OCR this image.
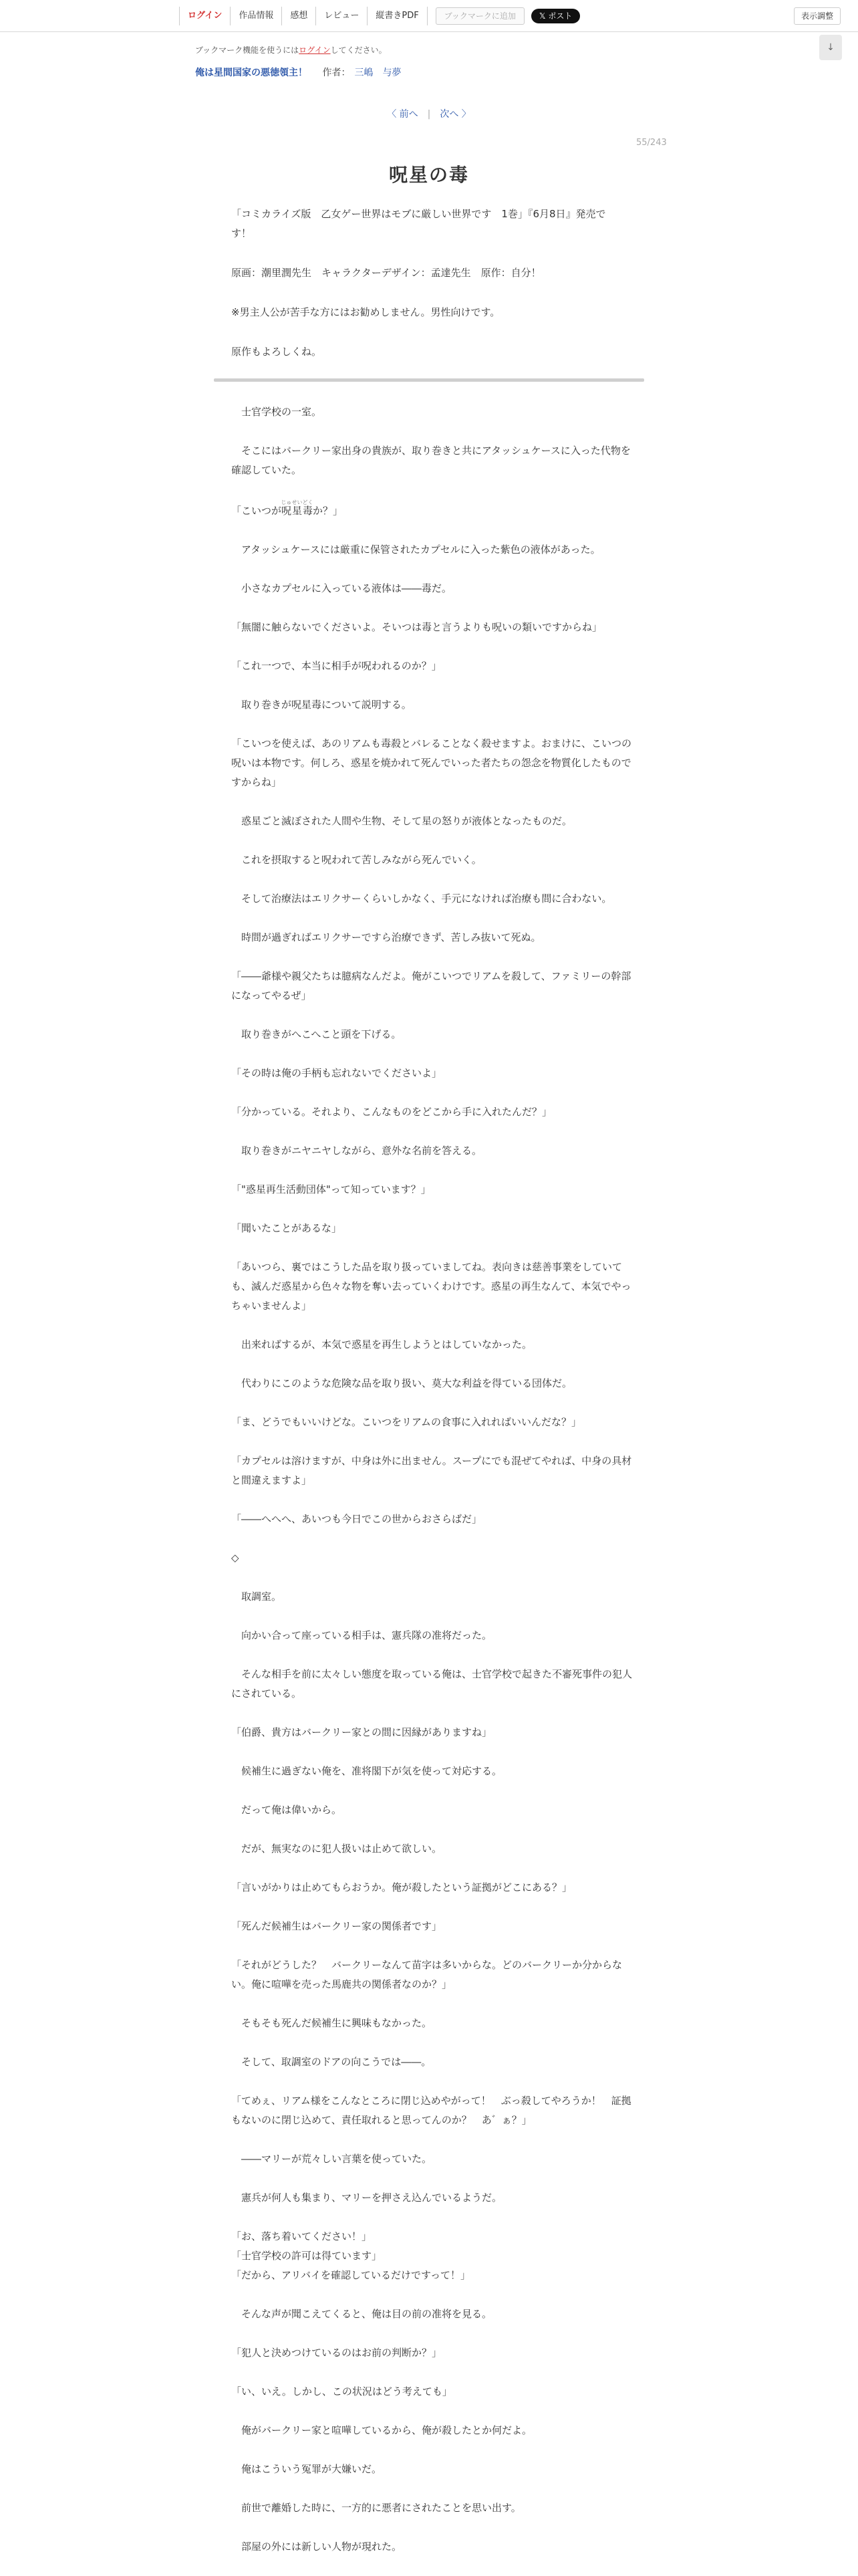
ログイン	作品情報	感想	レビュー	縦書きPDF	ブックマークに追加	𝕏 ポスト	表示調整
ブックマーク機能を使うにはログインしてください。	↓
俺は星間国家の悪徳領主！ 作者： 三嶋　与夢
〈 前へ | 次へ 〉
55/243
呪星の毒

「コミカライズ版　乙女ゲー世界はモブに厳しい世界です　1巻」『6月8日』発売です！

原画：潮里潤先生　キャラクターデザイン：孟達先生　原作：自分！

※男主人公が苦手な方にはお勧めしません。男性向けです。

原作もよろしくね。

　士官学校の一室。

　そこにはバークリー家出身の貴族が、取り巻きと共にアタッシュケースに入った代物を確認していた。

「こいつが呪星毒じゅせいどくか？」

　アタッシュケースには厳重に保管されたカプセルに入った紫色の液体があった。

　小さなカプセルに入っている液体は――毒だ。

「無闇に触らないでくださいよ。そいつは毒と言うよりも呪いの類いですからね」

「これ一つで、本当に相手が呪われるのか？」

　取り巻きが呪星毒について説明する。

「こいつを使えば、あのリアムも毒殺とバレることなく殺せますよ。おまけに、こいつの呪いは本物です。何しろ、惑星を焼かれて死んでいった者たちの怨念を物質化したものですからね」

　惑星ごと滅ぼされた人間や生物、そして星の怒りが液体となったものだ。

　これを摂取すると呪われて苦しみながら死んでいく。

　そして治療法はエリクサーくらいしかなく、手元になければ治療も間に合わない。

　時間が過ぎればエリクサーですら治療できず、苦しみ抜いて死ぬ。

「――爺様や親父たちは臆病なんだよ。俺がこいつでリアムを殺して、ファミリーの幹部になってやるぜ」

　取り巻きがへこへこと頭を下げる。

「その時は俺の手柄も忘れないでくださいよ」

「分かっている。それより、こんなものをどこから手に入れたんだ？」

　取り巻きがニヤニヤしながら、意外な名前を答える。

「"惑星再生活動団体"って知っています？」

「聞いたことがあるな」

「あいつら、裏ではこうした品を取り扱っていましてね。表向きは慈善事業をしていても、滅んだ惑星から色々な物を奪い去っていくわけです。惑星の再生なんて、本気でやっちゃいませんよ」

　出来ればするが、本気で惑星を再生しようとはしていなかった。

　代わりにこのような危険な品を取り扱い、莫大な利益を得ている団体だ。

「ま、どうでもいいけどな。こいつをリアムの食事に入れればいいんだな？」

「カプセルは溶けますが、中身は外に出ません。スープにでも混ぜてやれば、中身の具材と間違えますよ」

「――へへへ、あいつも今日でこの世からおさらばだ」

◇

　取調室。

　向かい合って座っている相手は、憲兵隊の准将だった。

　そんな相手を前に太々しい態度を取っている俺は、士官学校で起きた不審死事件の犯人にされている。

「伯爵、貴方はバークリー家との間に因縁がありますね」

　候補生に過ぎない俺を、准将閣下が気を使って対応する。

　だって俺は偉いから。

　だが、無実なのに犯人扱いは止めて欲しい。

「言いがかりは止めてもらおうか。俺が殺したという証拠がどこにある？」

「死んだ候補生はバークリー家の関係者です」

「それがどうした？　バークリーなんて苗字は多いからな。どのバークリーか分からない。俺に喧嘩を売った馬鹿共の関係者なのか？」

　そもそも死んだ候補生に興味もなかった。

　そして、取調室のドアの向こうでは――。

「てめぇ、リアム様をこんなところに閉じ込めやがって！　ぶっ殺してやろうか！　証拠もないのに閉じ込めて、責任取れると思ってんのか？　あ゛ぁ？」

　――マリーが荒々しい言葉を使っていた。

　憲兵が何人も集まり、マリーを押さえ込んでいるようだ。

「お、落ち着いてください！」

「士官学校の許可は得ています」

「だから、アリバイを確認しているだけですって！」

　そんな声が聞こえてくると、俺は目の前の准将を見る。

「犯人と決めつけているのはお前の判断か？」

「い、いえ。しかし、この状況はどう考えても」

　俺がバークリー家と喧嘩しているから、俺が殺したとか何だよ。

　俺はこういう冤罪が大嫌いだ。

　前世で離婚した時に、一方的に悪者にされたことを思い出す。

　部屋の外には新しい人物が現れた。
